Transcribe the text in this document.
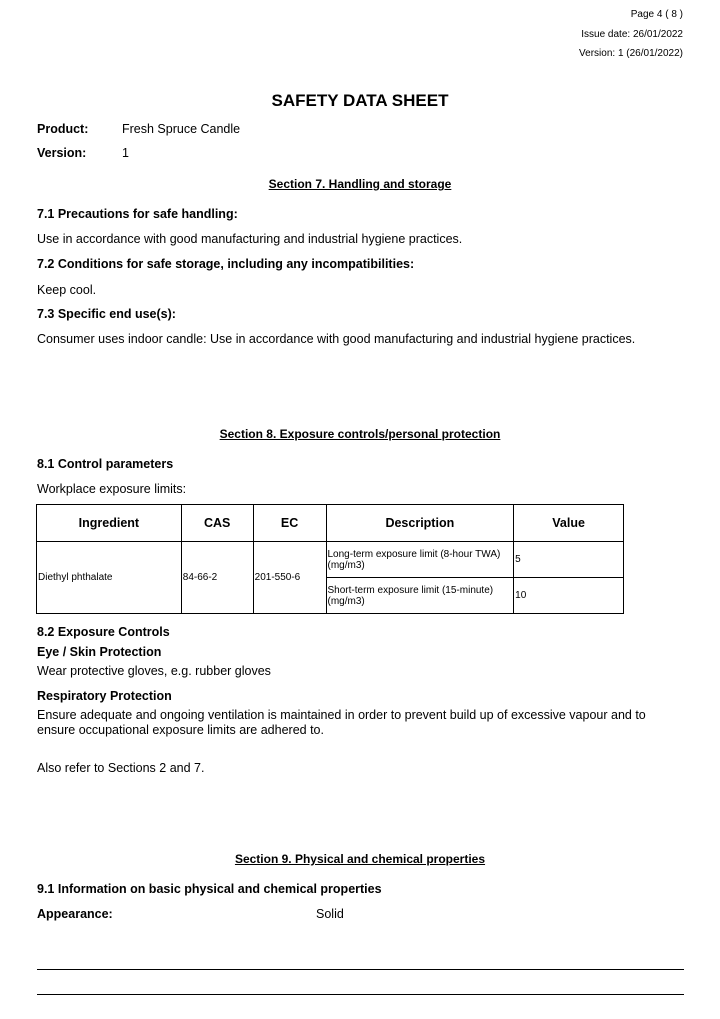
Page 4 ( 8 )
Issue date: 26/01/2022
Version: 1 (26/01/2022)
SAFETY DATA SHEET
Product:	Fresh Spruce Candle
Version:	1
Section 7. Handling and storage
7.1 Precautions for safe handling:
Use in accordance with good manufacturing and industrial hygiene practices.
7.2 Conditions for safe storage, including any incompatibilities:
Keep cool.
7.3 Specific end use(s):
Consumer uses indoor candle: Use in accordance with good manufacturing and industrial hygiene practices.
Section 8. Exposure controls/personal protection
8.1 Control parameters
Workplace exposure limits:
Ingredient	CAS	EC	Description	Value
Diethyl phthalate	84-66-2	201-550-6	Long-term exposure limit (8-hour TWA) (mg/m3)	5
			Short-term exposure limit (15-minute) (mg/m3)	10
8.2 Exposure Controls
Eye / Skin Protection
Wear protective gloves, e.g. rubber gloves
Respiratory Protection
Ensure adequate and ongoing ventilation is maintained in order to prevent build up of excessive vapour and to ensure occupational exposure limits are adhered to.
Also refer to Sections 2 and 7.
Section 9. Physical and chemical properties
9.1 Information on basic physical and chemical properties
Appearance:	Solid
